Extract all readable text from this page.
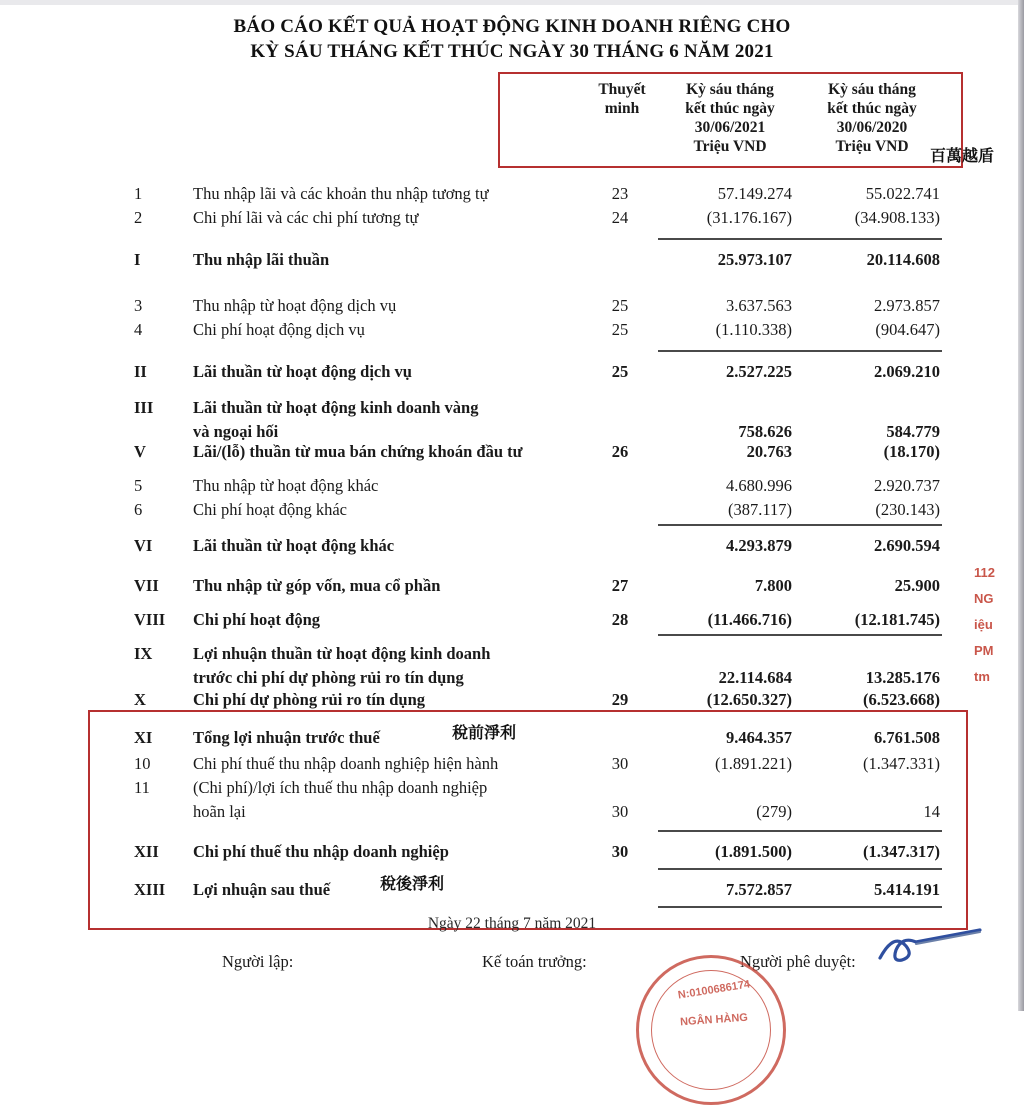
BÁO CÁO KẾT QUẢ HOẠT ĐỘNG KINH DOANH RIÊNG CHO
KỲ SÁU THÁNG KẾT THÚC NGÀY 30 THÁNG 6 NĂM 2021
Thuyết
minh
Kỳ sáu tháng
kết thúc ngày
30/06/2021
Triệu VND
Kỳ sáu tháng
kết thúc ngày
30/06/2020
Triệu VND	百萬越盾
稅前淨利
稅後淨利
1	Thu nhập lãi và các khoản thu nhập tương tự	23	57.149.274	55.022.741
2	Chi phí lãi và các chi phí tương tự	24	(31.176.167)	(34.908.133)
I	Thu nhập lãi thuần	25.973.107	20.114.608
3	Thu nhập từ hoạt động dịch vụ	25	3.637.563	2.973.857
4	Chi phí hoạt động dịch vụ	25	(1.110.338)	(904.647)
II	Lãi thuần từ hoạt động dịch vụ	25	2.527.225	2.069.210
III	Lãi thuần từ hoạt động kinh doanh vàng
và ngoại hối	758.626	584.779
V	Lãi/(lỗ) thuần từ mua bán chứng khoán đầu tư	26	20.763	(18.170)
5	Thu nhập từ hoạt động khác	4.680.996	2.920.737
6	Chi phí hoạt động khác	(387.117)	(230.143)
VI	Lãi thuần từ hoạt động khác	4.293.879	2.690.594
VII	Thu nhập từ góp vốn, mua cổ phần	27	7.800	25.900
VIII	Chi phí hoạt động	28	(11.466.716)	(12.181.745)
IX	Lợi nhuận thuần từ hoạt động kinh doanh
trước chi phí dự phòng rủi ro tín dụng	22.114.684	13.285.176
X	Chi phí dự phòng rủi ro tín dụng	29	(12.650.327)	(6.523.668)
XI	Tổng lợi nhuận trước thuế	9.464.357	6.761.508
10	Chi phí thuế thu nhập doanh nghiệp hiện hành	30	(1.891.221)	(1.347.331)
11	(Chi phí)/lợi ích thuế thu nhập doanh nghiệp
hoãn lại	30	(279)	14
XII	Chi phí thuế thu nhập doanh nghiệp	30	(1.891.500)	(1.347.317)
XIII	Lợi nhuận sau thuế	7.572.857	5.414.191
Ngày 22 tháng 7 năm 2021
Người lập:	Kế toán trưởng:	Người phê duyệt:
N:0100686174
NGÂN HÀNG
112
NG
iệu
PM
tm
